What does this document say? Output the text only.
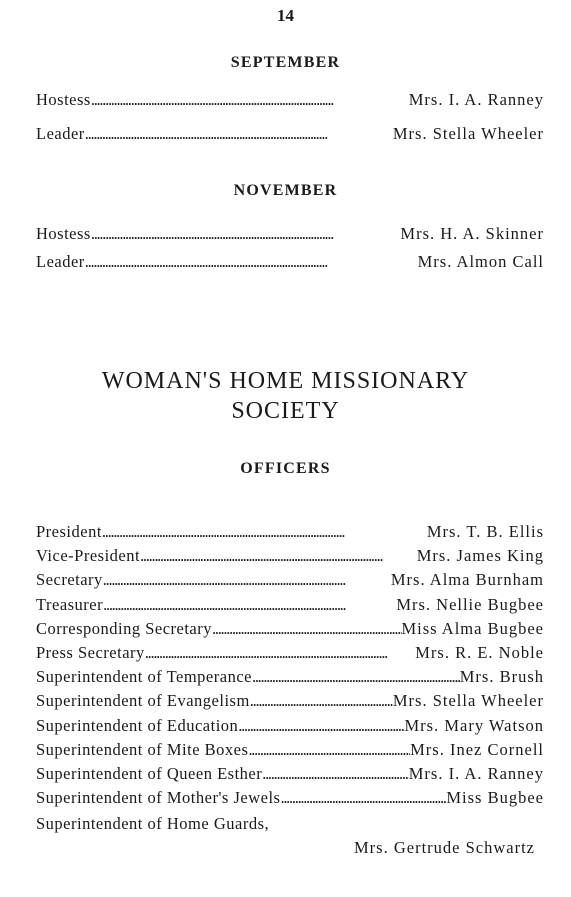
14
SEPTEMBER
Hostess . . .	Mrs. I. A. Ranney
Leader . . .	Mrs. Stella Wheeler
NOVEMBER
Hostess . . .	Mrs. H. A. Skinner
Leader . . .	Mrs. Almon Call
WOMAN'S HOME MISSIONARY
SOCIETY
OFFICERS
President . . .	Mrs. T. B. Ellis
Vice-President . . .	Mrs. James King
Secretary . . .	Mrs. Alma Burnham
Treasurer . . .	Mrs. Nellie Bugbee
Corresponding Secretary . . .	Miss Alma Bugbee
Press Secretary . . .	Mrs. R. E. Noble
Superintendent of Temperance . . .	Mrs. Brush
Superintendent of Evangelism . . .	Mrs. Stella Wheeler
Superintendent of Education . . .	Mrs. Mary Watson
Superintendent of Mite Boxes . . .	Mrs. Inez Cornell
Superintendent of Queen Esther . . .	Mrs. I. A. Ranney
Superintendent of Mother's Jewels . . .	Miss Bugbee
Superintendent of Home Guards,
Mrs. Gertrude Schwartz
